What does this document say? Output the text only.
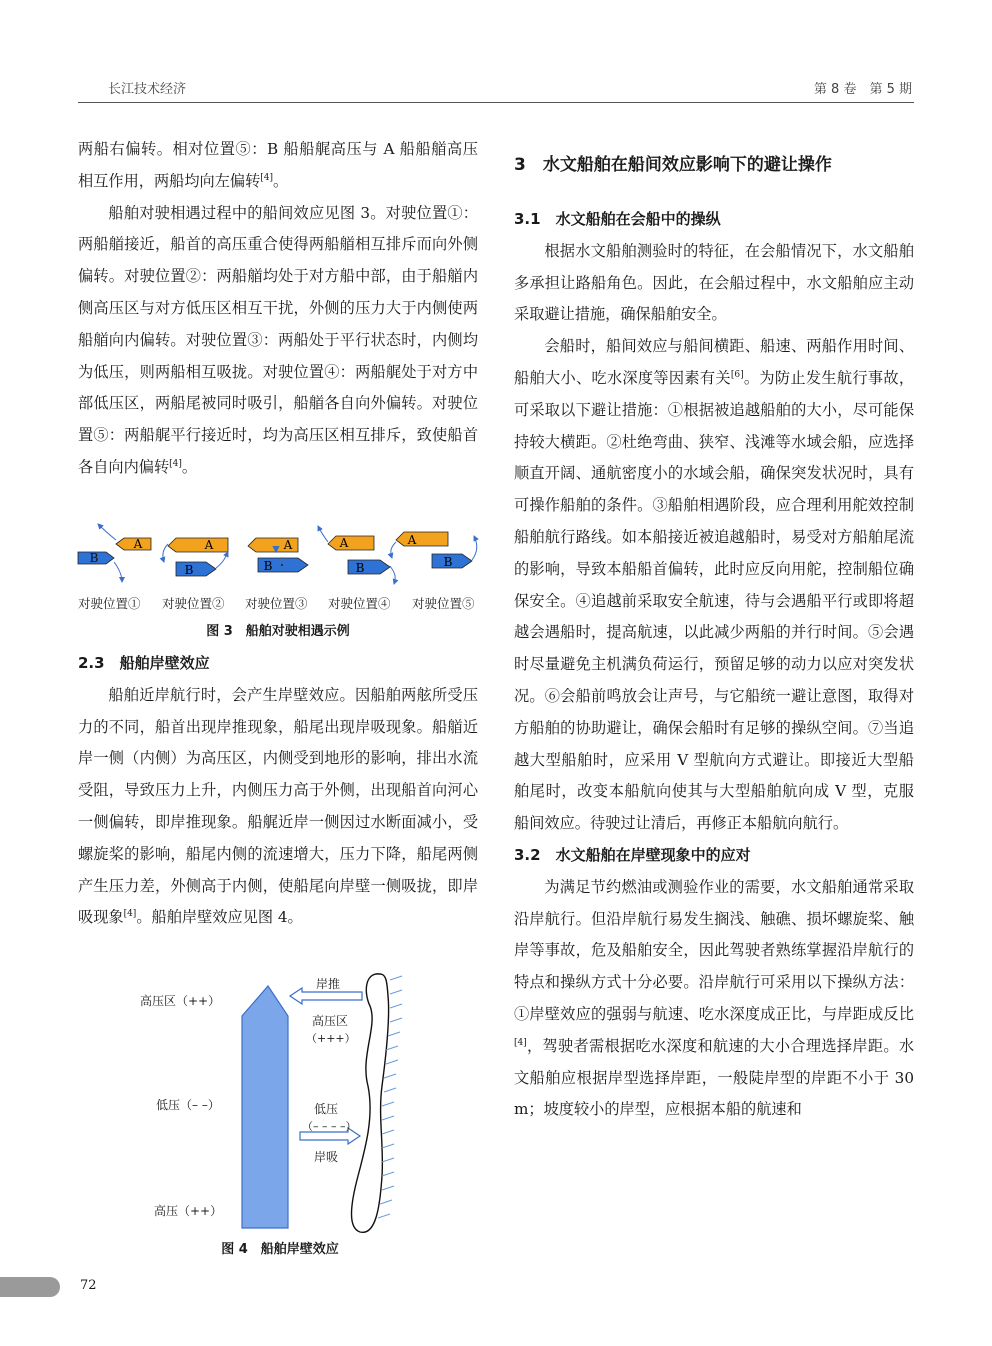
长江技术经济	第 8 卷　第 5 期

两船右偏转。相对位置⑤：B 船船艉高压与 A 船船艏高压相互作用，两船均向左偏转[4]。

船舶对驶相遇过程中的船间效应见图 3。对驶位置①：两船艏接近，船首的高压重合使得两船艏相互排斥而向外侧偏转。对驶位置②：两船艏均处于对方船中部，由于船艏内侧高压区与对方低压区相互干扰，外侧的压力大于内侧使两船艏向内偏转。对驶位置③：两船处于平行状态时，内侧均为低压，则两船相互吸拢。对驶位置④：两船艉处于对方中部低压区，两船尾被同时吸引，船艏各自向外偏转。对驶位置⑤：两船艉平行接近时，均为高压区相互排斥，致使船首各自向内偏转[4]。

A
B
A
B
A
B
A
B
A
B
对驶位置① 对驶位置② 对驶位置③ 对驶位置④ 对驶位置⑤
图 3　船舶对驶相遇示例
2.3　船舶岸壁效应

船舶近岸航行时，会产生岸壁效应。因船舶两舷所受压力的不同，船首出现岸推现象，船尾出现岸吸现象。船艏近岸一侧（内侧）为高压区，内侧受到地形的影响，排出水流受阻，导致压力上升，内侧压力高于外侧，出现船首向河心一侧偏转，即岸推现象。船艉近岸一侧因过水断面减小，受螺旋桨的影响，船尾内侧的流速增大，压力下降，船尾两侧产生压力差，外侧高于内侧，使船尾向岸壁一侧吸拢，即岸吸现象[4]。船舶岸壁效应见图 4。

高压区（++）
低压（– –）
高压（++）
岸推
高压区
（+++）
低压
（– – – –）
岸吸
图 4　船舶岸壁效应
3　水文船舶在船间效应影响下的避让操作
3.1　水文船舶在会船中的操纵

根据水文船舶测验时的特征，在会船情况下，水文船舶多承担让路船角色。因此，在会船过程中，水文船舶应主动采取避让措施，确保船舶安全。

会船时，船间效应与船间横距、船速、两船作用时间、船舶大小、吃水深度等因素有关[6]。为防止发生航行事故，可采取以下避让措施：①根据被追越船舶的大小，尽可能保持较大横距。②杜绝弯曲、狭窄、浅滩等水域会船，应选择顺直开阔、通航密度小的水域会船，确保突发状况时，具有可操作船舶的条件。③船舶相遇阶段，应合理利用舵效控制船舶航行路线。如本船接近被追越船时，易受对方船舶尾流的影响，导致本船船首偏转，此时应反向用舵，控制船位确保安全。④追越前采取安全航速，待与会遇船平行或即将超越会遇船时，提高航速，以此减少两船的并行时间。⑤会遇时尽量避免主机满负荷运行，预留足够的动力以应对突发状况。⑥会船前鸣放会让声号，与它船统一避让意图，取得对方船舶的协助避让，确保会船时有足够的操纵空间。⑦当追越大型船舶时，应采用 V 型航向方式避让。即接近大型船舶尾时，改变本船航向使其与大型船舶航向成 V 型，克服船间效应。待驶过让清后，再修正本船航向航行。

3.2　水文船舶在岸壁现象中的应对

为满足节约燃油或测验作业的需要，水文船舶通常采取沿岸航行。但沿岸航行易发生搁浅、触礁、损坏螺旋桨、触岸等事故，危及船舶安全，因此驾驶者熟练掌握沿岸航行的特点和操纵方式十分必要。沿岸航行可采用以下操纵方法：①岸壁效应的强弱与航速、吃水深度成正比，与岸距成反比[4]，驾驶者需根据吃水深度和航速的大小合理选择岸距。水文船舶应根据岸型选择岸距，一般陡岸型的岸距不小于 30 m；坡度较小的岸型，应根据本船的航速和

72
